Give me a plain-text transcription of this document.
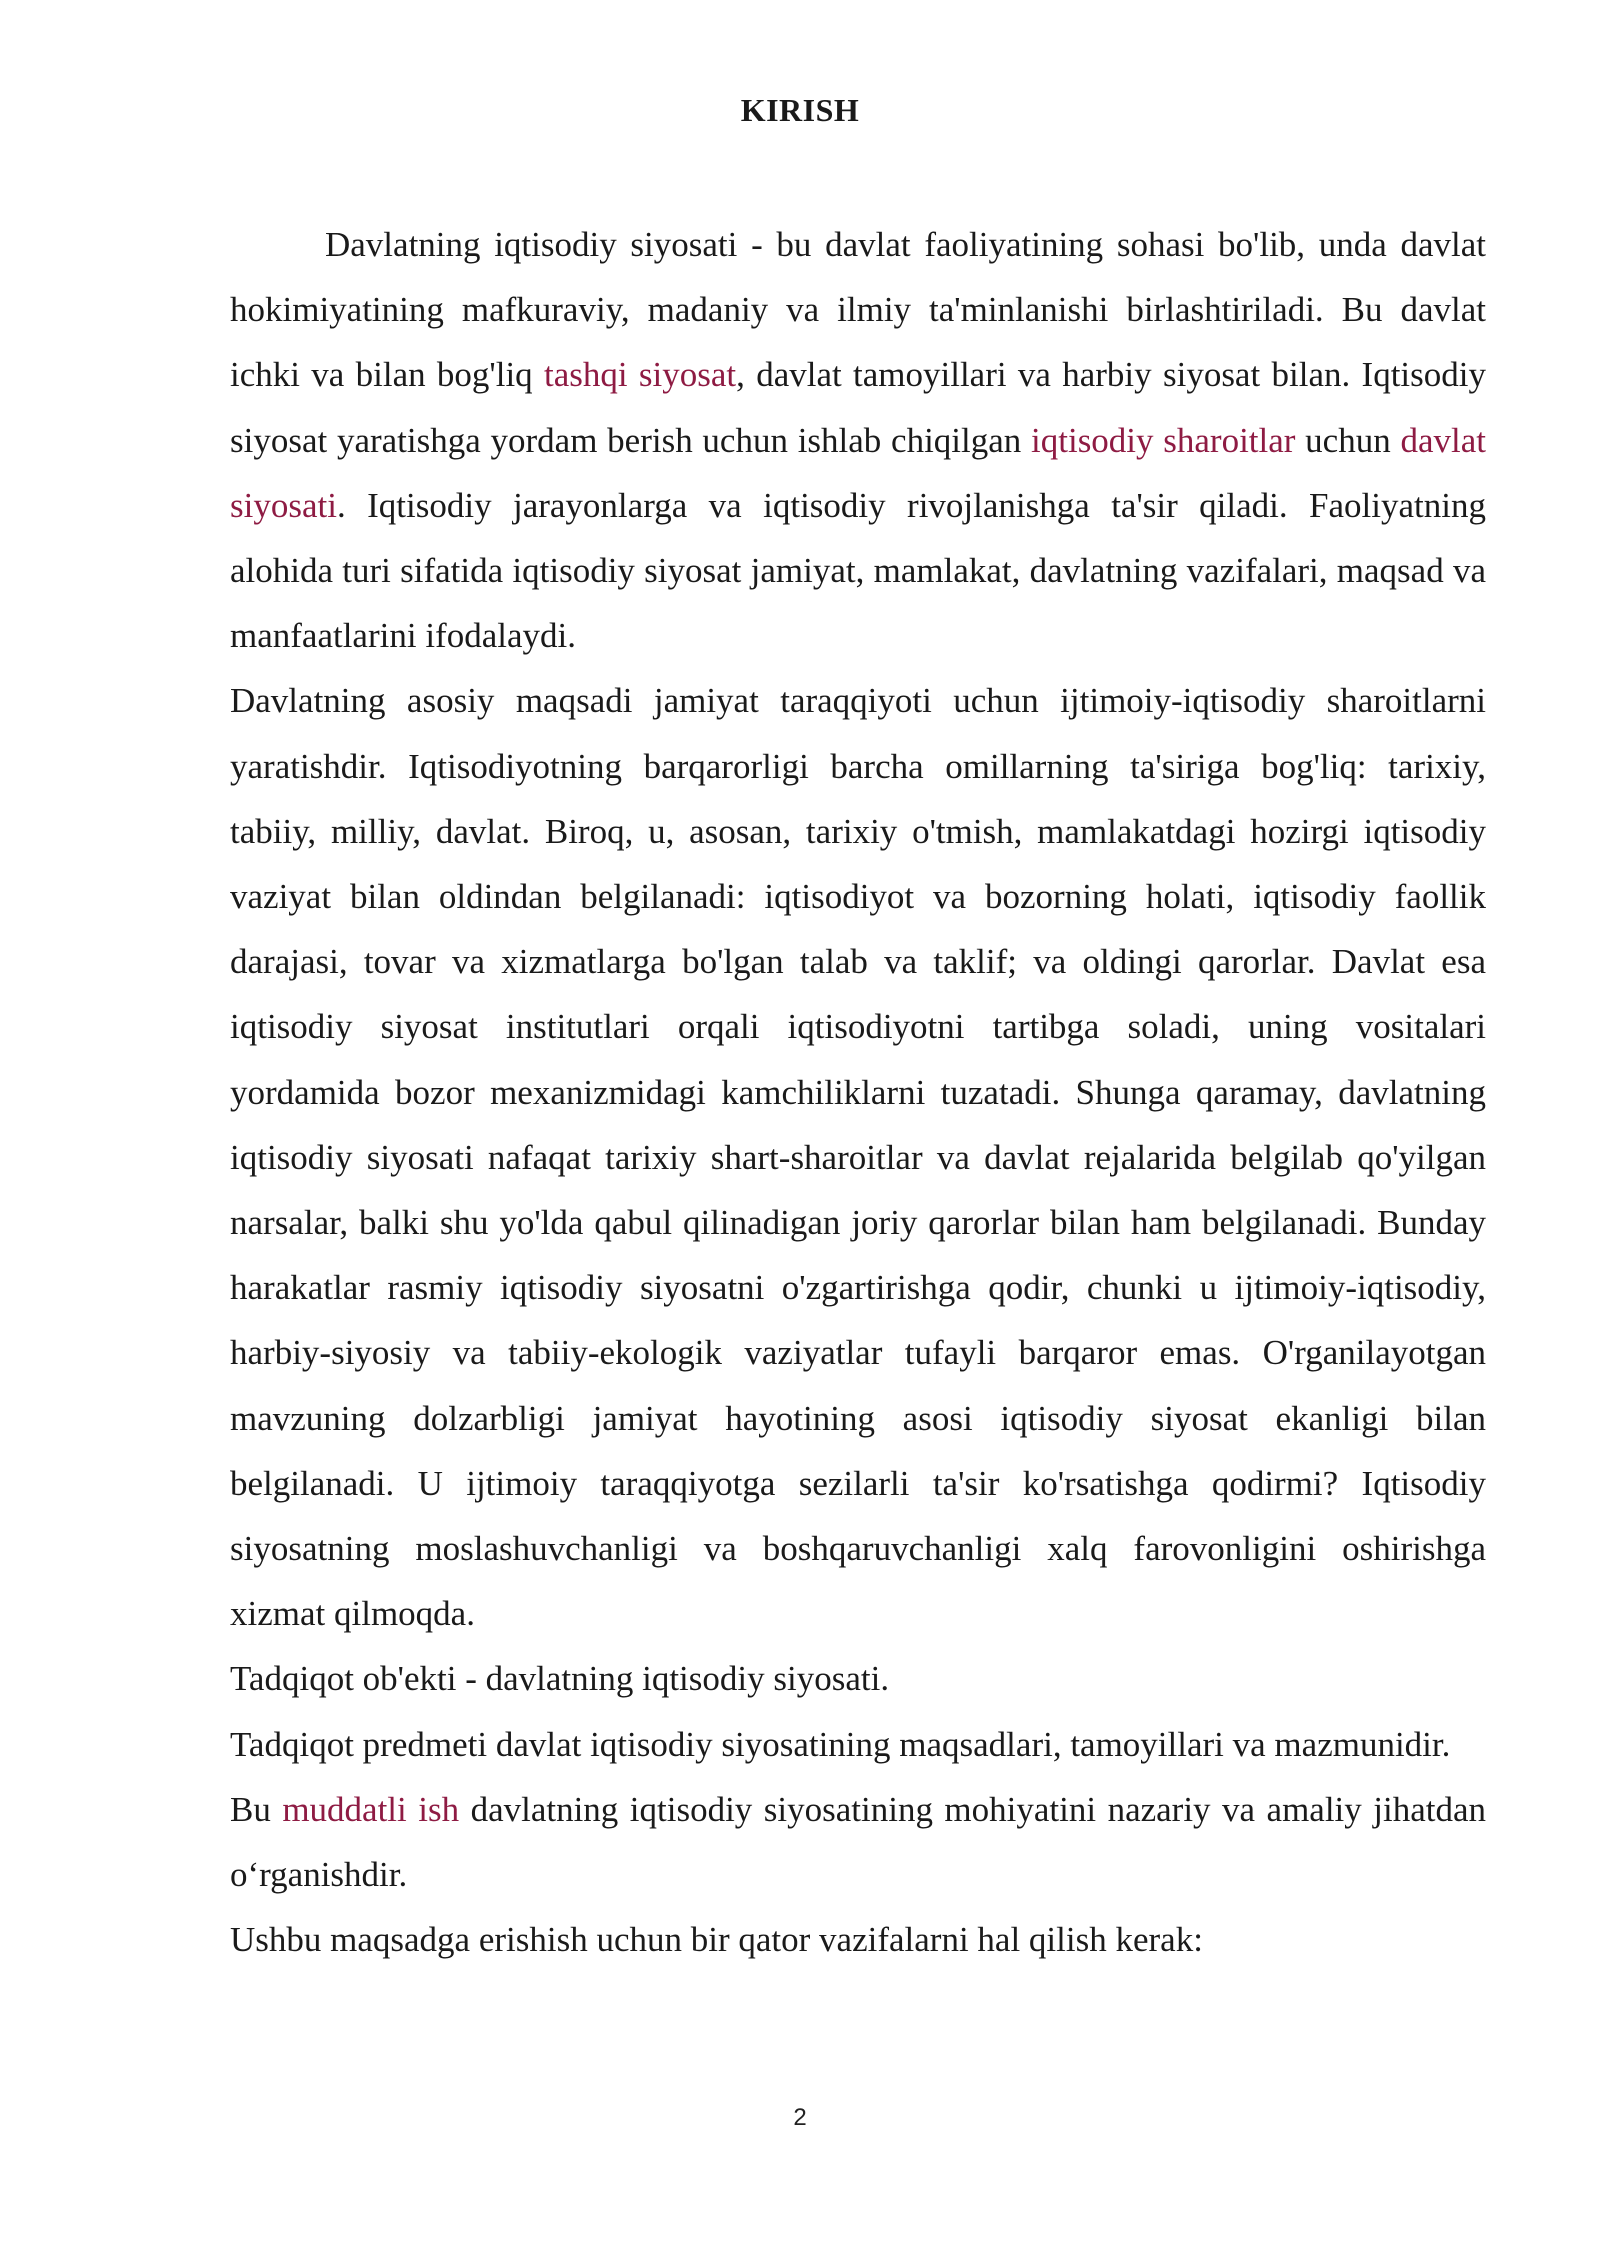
KIRISH

Davlatning iqtisodiy siyosati - bu davlat faoliyatining sohasi bo'lib, unda davlat hokimiyatining mafkuraviy, madaniy va ilmiy ta'minlanishi birlashtiriladi. Bu davlat ichki va bilan bog'liq tashqi siyosat, davlat tamoyillari va harbiy siyosat bilan. Iqtisodiy siyosat yaratishga yordam berish uchun ishlab chiqilgan iqtisodiy sharoitlar uchun davlat siyosati. Iqtisodiy jarayonlarga va iqtisodiy rivojlanishga ta'sir qiladi. Faoliyatning alohida turi sifatida iqtisodiy siyosat jamiyat, mamlakat, davlatning vazifalari, maqsad va manfaatlarini ifodalaydi.

Davlatning asosiy maqsadi jamiyat taraqqiyoti uchun ijtimoiy-iqtisodiy sharoitlarni yaratishdir. Iqtisodiyotning barqarorligi barcha omillarning ta'siriga bog'liq: tarixiy, tabiiy, milliy, davlat. Biroq, u, asosan, tarixiy o'tmish, mamlakatdagi hozirgi iqtisodiy vaziyat bilan oldindan belgilanadi: iqtisodiyot va bozorning holati, iqtisodiy faollik darajasi, tovar va xizmatlarga bo'lgan talab va taklif; va oldingi qarorlar. Davlat esa iqtisodiy siyosat institutlari orqali iqtisodiyotni tartibga soladi, uning vositalari yordamida bozor mexanizmidagi kamchiliklarni tuzatadi. Shunga qaramay, davlatning iqtisodiy siyosati nafaqat tarixiy shart-sharoitlar va davlat rejalarida belgilab qo'yilgan narsalar, balki shu yo'lda qabul qilinadigan joriy qarorlar bilan ham belgilanadi. Bunday harakatlar rasmiy iqtisodiy siyosatni o'zgartirishga qodir, chunki u ijtimoiy-iqtisodiy, harbiy-siyosiy va tabiiy-ekologik vaziyatlar tufayli barqaror emas. O'rganilayotgan mavzuning dolzarbligi jamiyat hayotining asosi iqtisodiy siyosat ekanligi bilan belgilanadi. U ijtimoiy taraqqiyotga sezilarli ta'sir ko'rsatishga qodirmi? Iqtisodiy siyosatning moslashuvchanligi va boshqaruvchanligi xalq farovonligini oshirishga xizmat qilmoqda.

Tadqiqot ob'ekti - davlatning iqtisodiy siyosati.

Tadqiqot predmeti davlat iqtisodiy siyosatining maqsadlari, tamoyillari va mazmunidir.

Bu muddatli ish davlatning iqtisodiy siyosatining mohiyatini nazariy va amaliy jihatdan o‘rganishdir.

Ushbu maqsadga erishish uchun bir qator vazifalarni hal qilish kerak:

2
